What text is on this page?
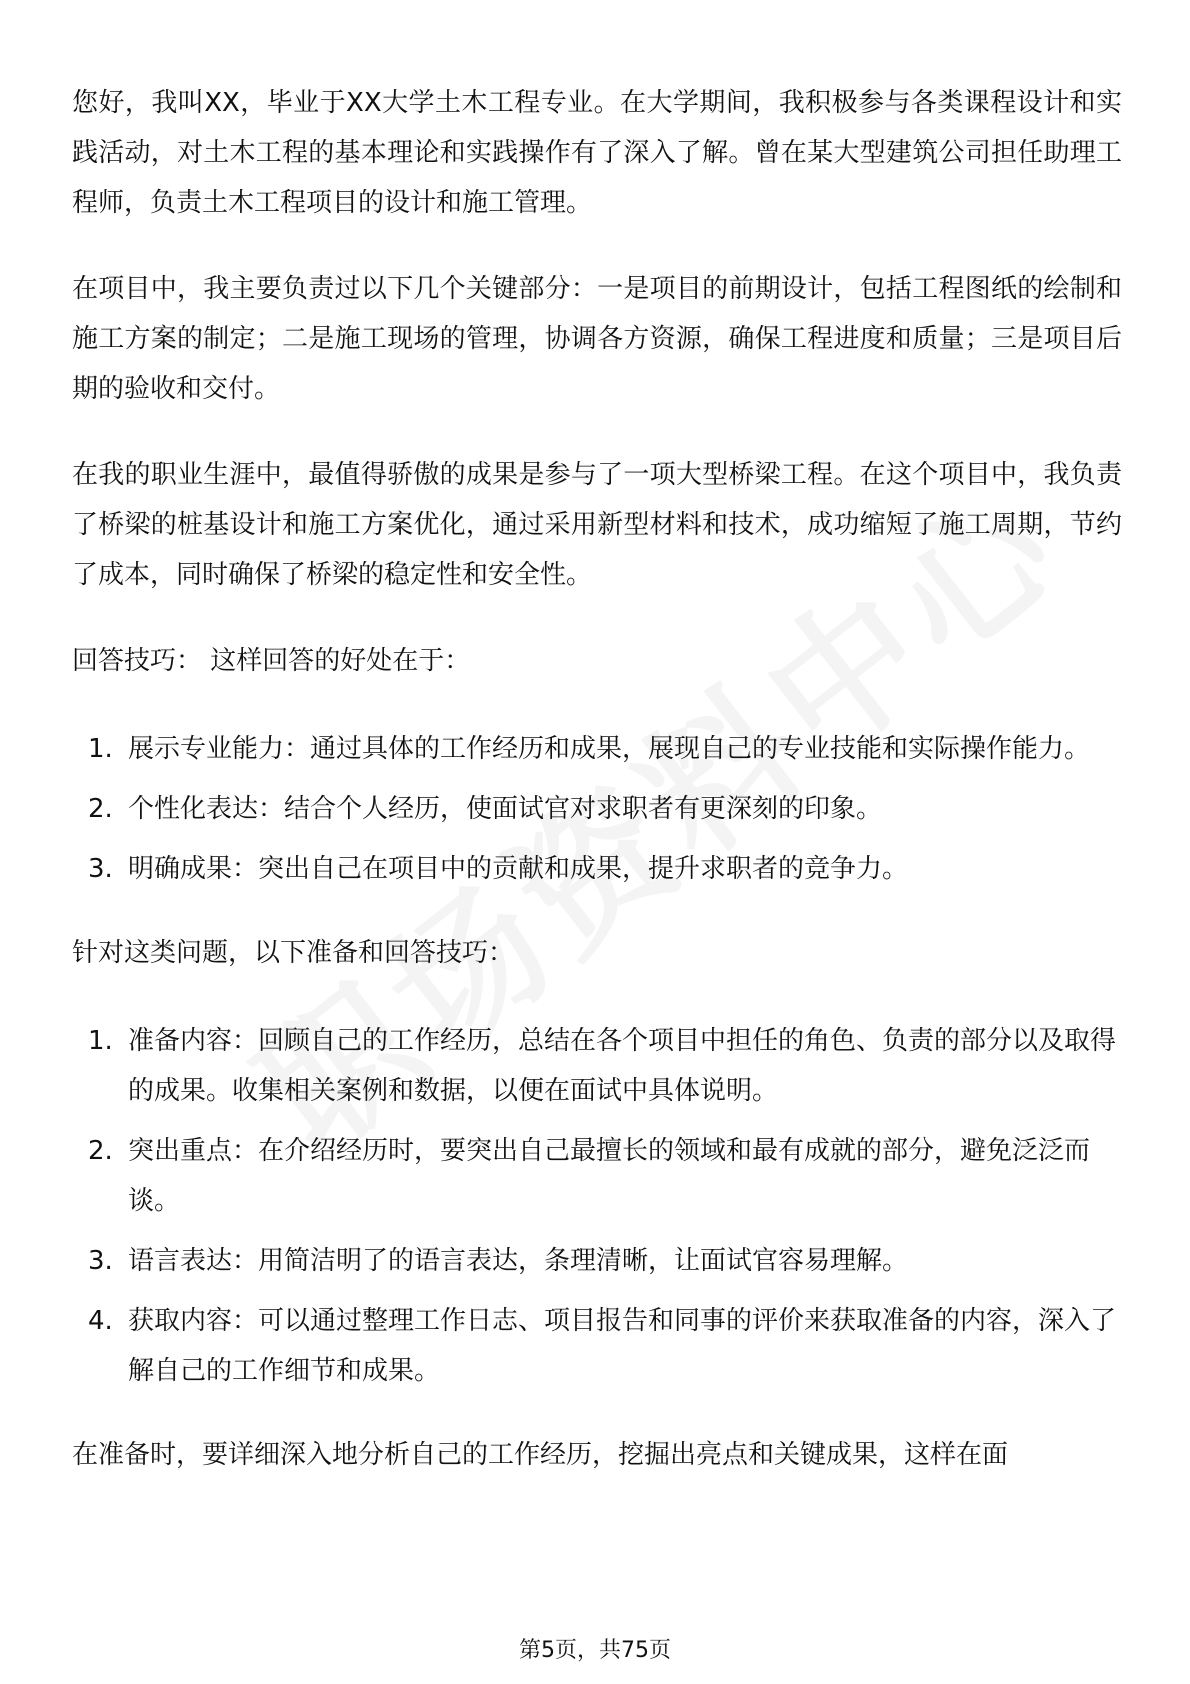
您好，我叫XX，毕业于XX大学土木工程专业。在大学期间，我积极参与各类课程设计和实践活动，对土木工程的基本理论和实践操作有了深入了解。曾在某大型建筑公司担任助理工程师，负责土木工程项目的设计和施工管理。

在项目中，我主要负责过以下几个关键部分：一是项目的前期设计，包括工程图纸的绘制和施工方案的制定；二是施工现场的管理，协调各方资源，确保工程进度和质量；三是项目后期的验收和交付。

在我的职业生涯中，最值得骄傲的成果是参与了一项大型桥梁工程。在这个项目中，我负责了桥梁的桩基设计和施工方案优化，通过采用新型材料和技术，成功缩短了施工周期，节约了成本，同时确保了桥梁的稳定性和安全性。

回答技巧： 这样回答的好处在于：

1. 展示专业能力：通过具体的工作经历和成果，展现自己的专业技能和实际操作能力。
2. 个性化表达：结合个人经历，使面试官对求职者有更深刻的印象。
3. 明确成果：突出自己在项目中的贡献和成果，提升求职者的竞争力。

针对这类问题，以下准备和回答技巧：

1. 准备内容：回顾自己的工作经历，总结在各个项目中担任的角色、负责的部分以及取得的成果。收集相关案例和数据，以便在面试中具体说明。
2. 突出重点：在介绍经历时，要突出自己最擅长的领域和最有成就的部分，避免泛泛而谈。
3. 语言表达：用简洁明了的语言表达，条理清晰，让面试官容易理解。
4. 获取内容：可以通过整理工作日志、项目报告和同事的评价来获取准备的内容，深入了解自己的工作细节和成果。

在准备时，要详细深入地分析自己的工作经历，挖掘出亮点和关键成果，这样在面

第5页，共75页
